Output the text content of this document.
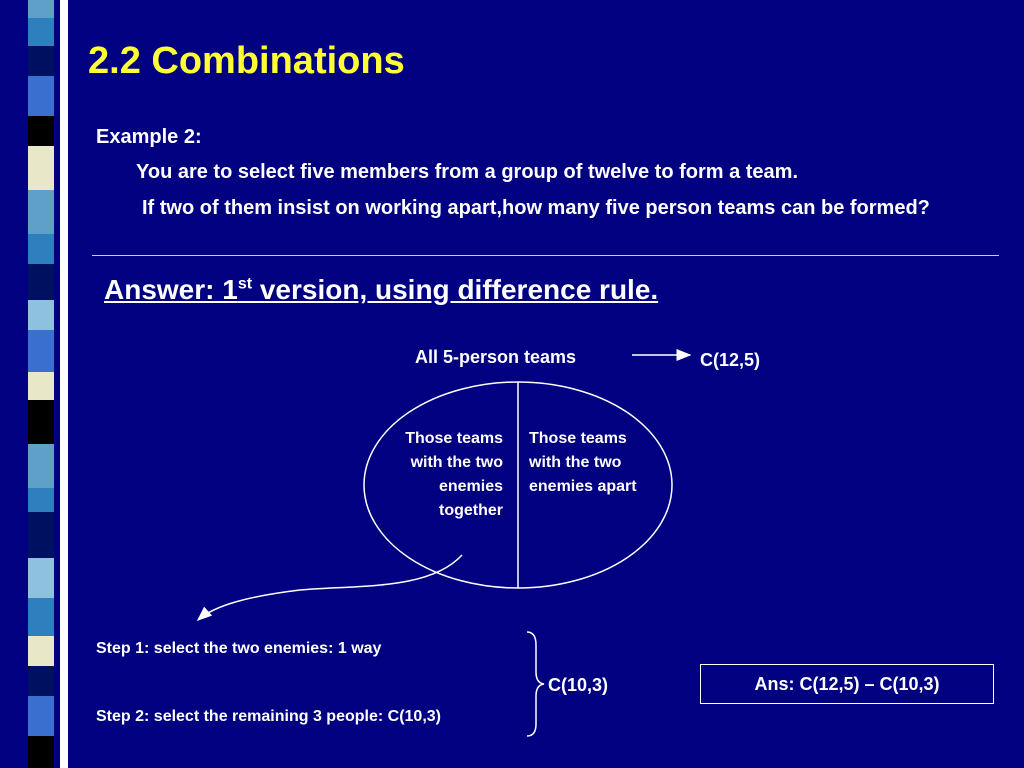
2.2 Combinations
Example 2:
You are to select five members from a group of twelve to form a team.
If two of them insist on working apart,how many five person teams can be formed?
Answer: 1st version, using difference rule.
All 5-person teams	C(12,5)
Those teams with the two enemies together
Those teams with the two enemies apart
Step 1: select the two enemies: 1 way
Step 2: select the remaining 3 people: C(10,3)
C(10,3)	Ans: C(12,5) – C(10,3)
